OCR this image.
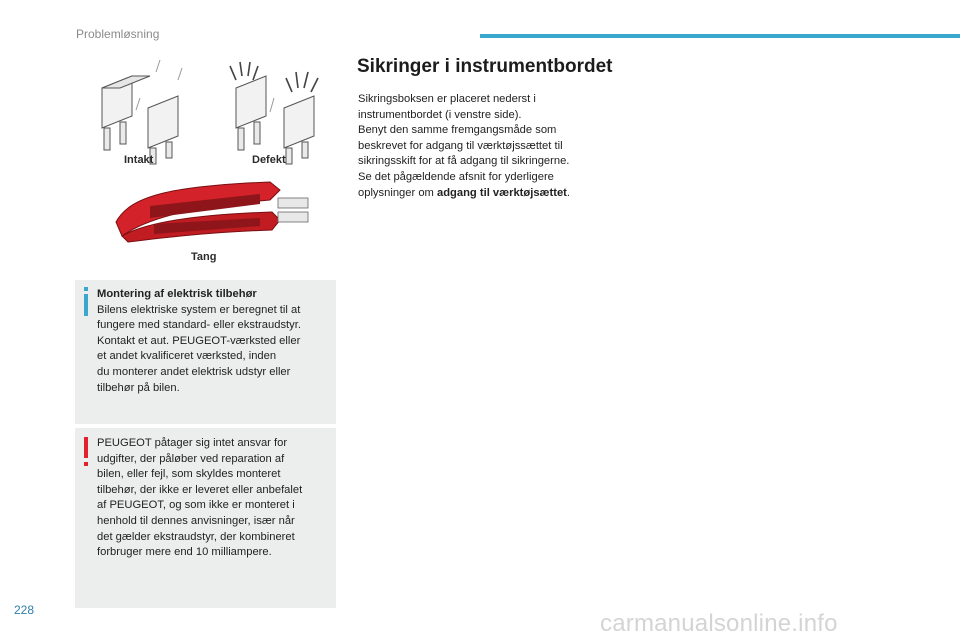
Problemløsning
Intakt	Defekt
Tang
Montering af elektrisk tilbehør
Bilens elektriske system er beregnet til at
fungere med standard- eller ekstraudstyr.
Kontakt et aut. PEUGEOT-værksted eller
et andet kvalificeret værksted, inden
du monterer andet elektrisk udstyr eller
tilbehør på bilen.
PEUGEOT påtager sig intet ansvar for
udgifter, der påløber ved reparation af
bilen, eller fejl, som skyldes monteret
tilbehør, der ikke er leveret eller anbefalet
af PEUGEOT, og som ikke er monteret i
henhold til dennes anvisninger, især når
det gælder ekstraudstyr, der kombineret
forbruger mere end 10 milliampere.
Sikringer i instrumentbordet

Sikringsboksen er placeret nederst i

instrumentbordet (i venstre side).

Benyt den samme fremgangsmåde som

beskrevet for adgang til værktøjssættet til

sikringsskift for at få adgang til sikringerne.

Se det pågældende afsnit for yderligere

oplysninger om adgang til værktøjsættet.

228	carmanualsonline.info
